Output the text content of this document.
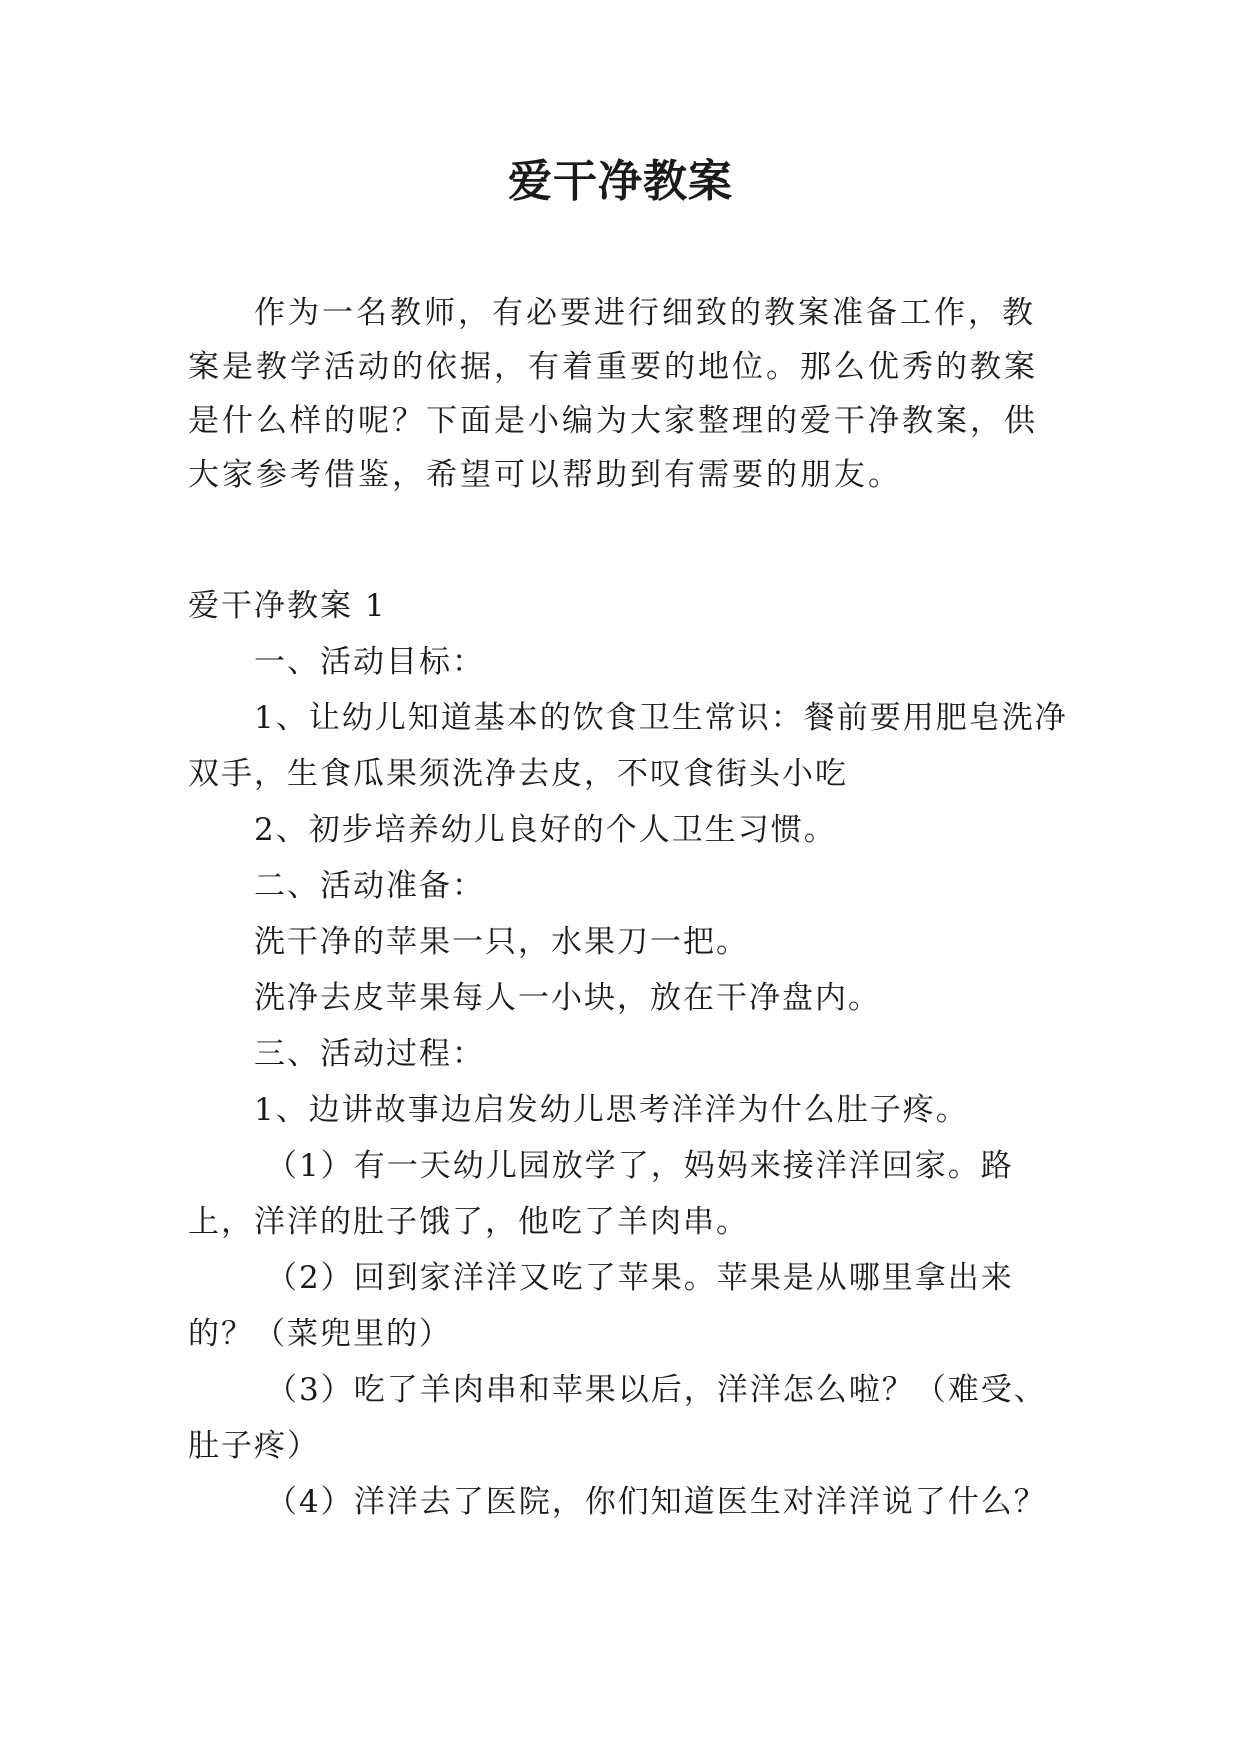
爱干净教案

作为一名教师，有必要进行细致的教案准备工作，教案是教学活动的依据，有着重要的地位。那么优秀的教案是什么样的呢？下面是小编为大家整理的爱干净教案，供大家参考借鉴，希望可以帮助到有需要的朋友。

爱干净教案 1

一、活动目标：

1、让幼儿知道基本的饮食卫生常识：餐前要用肥皂洗净双手，生食瓜果须洗净去皮，不叹食街头小吃

2、初步培养幼儿良好的个人卫生习惯。

二、活动准备：

洗干净的苹果一只，水果刀一把。

洗净去皮苹果每人一小块，放在干净盘内。

三、活动过程：

1、边讲故事边启发幼儿思考洋洋为什么肚子疼。

（1）有一天幼儿园放学了，妈妈来接洋洋回家。路上，洋洋的肚子饿了，他吃了羊肉串。

（2）回到家洋洋又吃了苹果。苹果是从哪里拿出来的？（菜兜里的）

（3）吃了羊肉串和苹果以后，洋洋怎么啦？（难受、肚子疼）

（4）洋洋去了医院，你们知道医生对洋洋说了什么？
